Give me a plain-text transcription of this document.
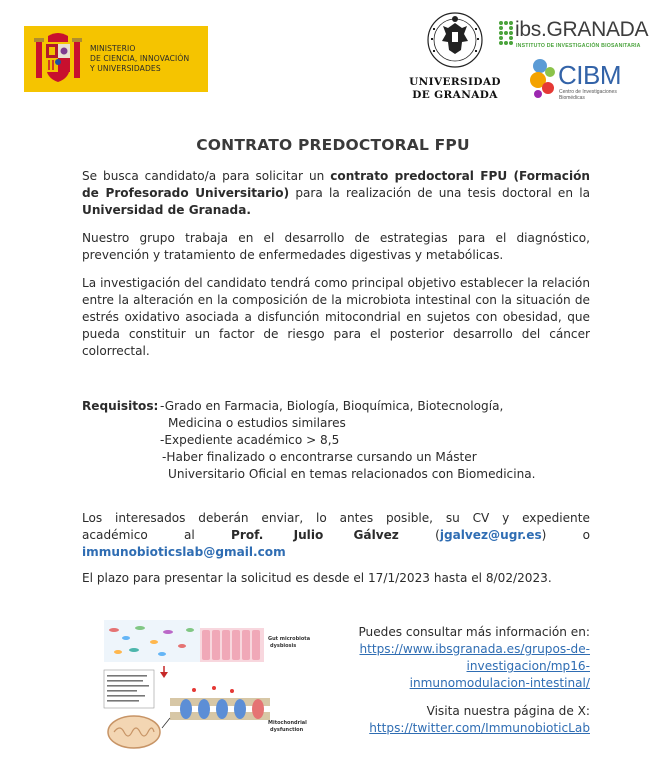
MINISTERIO
DE CIENCIA, INNOVACIÓN
Y UNIVERSIDADES
UNIVERSIDAD
DE GRANADA
ibs.GRANADA
INSTITUTO DE INVESTIGACIÓN BIOSANITARIA
CIBM
Centro de Investigaciones
Biomédicas
CONTRATO PREDOCTORAL FPU
Se busca candidato/a para solicitar un contrato predoctoral FPU (Formación de Profesorado Universitario) para la realización de una tesis doctoral en la Universidad de Granada.
Nuestro grupo trabaja en el desarrollo de estrategias para el diagnóstico, prevención y tratamiento de enfermedades digestivas y metabólicas.
La investigación del candidato tendrá como principal objetivo establecer la relación entre la alteración en la composición de la microbiota intestinal con la situación de estrés oxidativo asociada a disfunción mitocondrial en sujetos con obesidad, que pueda constituir un factor de riesgo para el posterior desarrollo del cáncer colorrectal.
Requisitos: -Grado en Farmacia, Biología, Bioquímica, Biotecnología,
Medicina o estudios similares
-Expediente académico > 8,5
-Haber finalizado o encontrarse cursando un Máster
Universitario Oficial en temas relacionados con Biomedicina.
Los interesados deberán enviar, lo antes posible, su CV y expediente
académico	al	Prof. Julio Gálvez	(jgalvez@ugr.es)	o
immunobioticslab@gmail.com
El plazo para presentar la solicitud es desde el 17/1/2023 hasta el 8/02/2023.
Gut microbiota
dysbiosis
Mitochondrial
dysfunction
Puedes consultar más información en:
https://www.ibsgranada.es/grupos-de-
investigacion/mp16-
inmunomodulacion-intestinal/
Visita nuestra página de X:
https://twitter.com/ImmunobioticLab
